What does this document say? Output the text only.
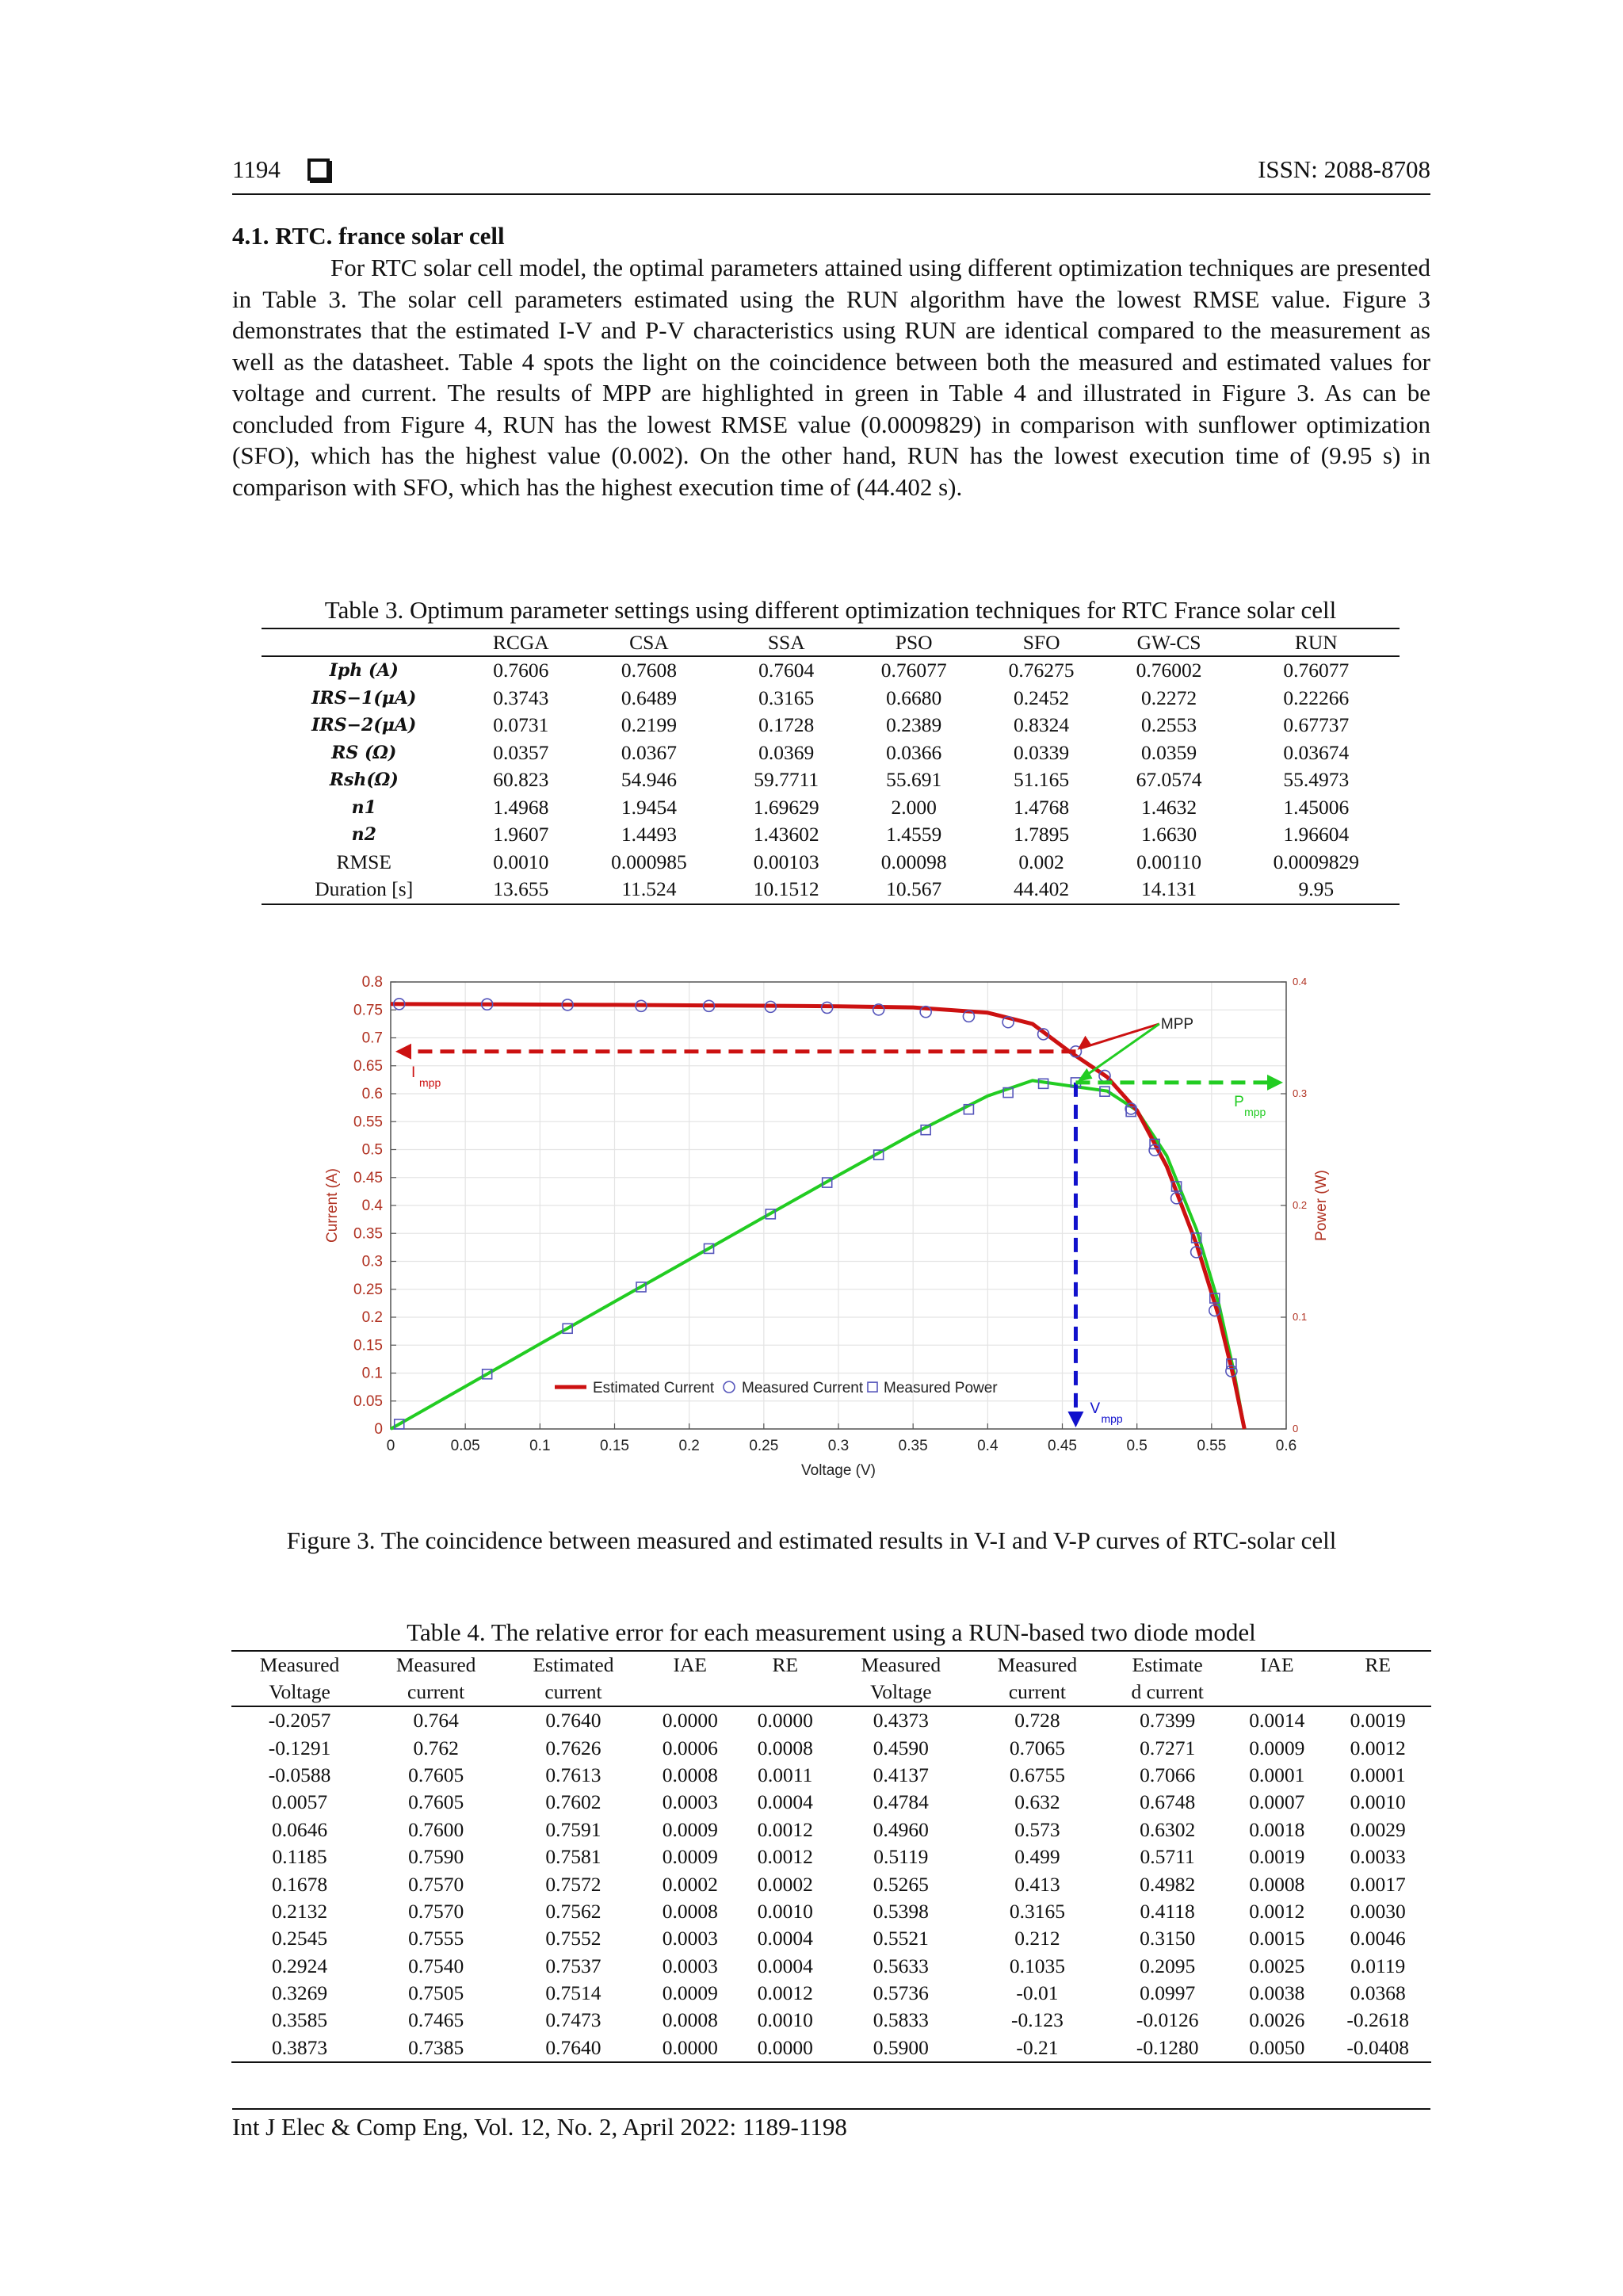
1194	ISSN: 2088-8708
4.1. RTC. france solar cell
For RTC solar cell model, the optimal parameters attained using different optimization techniques are presented in Table 3. The solar cell parameters estimated using the RUN algorithm have the lowest RMSE value. Figure 3 demonstrates that the estimated I-V and P-V characteristics using RUN are identical compared to the measurement as well as the datasheet. Table 4 spots the light on the coincidence between both the measured and estimated values for voltage and current. The results of MPP are highlighted in green in Table 4 and illustrated in Figure 3. As can be concluded from Figure 4, RUN has the lowest RMSE value (0.0009829) in comparison with sunflower optimization (SFO), which has the highest value (0.002). On the other hand, RUN has the lowest execution time of (9.95 s) in comparison with SFO, which has the highest execution time of (44.402 s).
Table 3. Optimum parameter settings using different optimization techniques for RTC France solar cell
	RCGA	CSA	SSA	PSO	SFO	GW-CS	RUN
Iph (A)	0.7606	0.7608	0.7604	0.76077	0.76275	0.76002	0.76077
IRS−1(μA)	0.3743	0.6489	0.3165	0.6680	0.2452	0.2272	0.22266
IRS−2(μA)	0.0731	0.2199	0.1728	0.2389	0.8324	0.2553	0.67737
RS (Ω)	0.0357	0.0367	0.0369	0.0366	0.0339	0.0359	0.03674
Rsh(Ω)	60.823	54.946	59.7711	55.691	51.165	67.0574	55.4973
n1	1.4968	1.9454	1.69629	2.000	1.4768	1.4632	1.45006
n2	1.9607	1.4493	1.43602	1.4559	1.7895	1.6630	1.96604
RMSE	0.0010	0.000985	0.00103	0.00098	0.002	0.00110	0.0009829
Duration [s]	13.655	11.524	10.1512	10.567	44.402	14.131	9.95
0	0.05	0.1	0.15	0.2	0.25	0.3	0.35	0.4	0.45	0.5	0.55	0.6
0
0.05
0.1
0.15
0.2
0.25
0.3
0.35
0.4
0.45
0.5
0.55
0.6
0.65
0.7
0.75
0.8
0
0.1
0.2
0.3
0.4
MPP
I
mpp
V
mpp
P
mpp
Voltage (V)
Current (A)	Power (W)
Estimated Current Measured Current Measured Power
Figure 3. The coincidence between measured and estimated results in V-I and V-P curves of RTC-solar cell
Table 4. The relative error for each measurement using a RUN-based two diode model
Measured	Measured	Estimated	IAE	RE	Measured	Measured	Estimate	IAE	RE
Voltage	current	current			Voltage	current	d current		
-0.2057	0.764	0.7640	0.0000	0.0000	0.4373	0.728	0.7399	0.0014	0.0019
-0.1291	0.762	0.7626	0.0006	0.0008	0.4590	0.7065	0.7271	0.0009	0.0012
-0.0588	0.7605	0.7613	0.0008	0.0011	0.4137	0.6755	0.7066	0.0001	0.0001
0.0057	0.7605	0.7602	0.0003	0.0004	0.4784	0.632	0.6748	0.0007	0.0010
0.0646	0.7600	0.7591	0.0009	0.0012	0.4960	0.573	0.6302	0.0018	0.0029
0.1185	0.7590	0.7581	0.0009	0.0012	0.5119	0.499	0.5711	0.0019	0.0033
0.1678	0.7570	0.7572	0.0002	0.0002	0.5265	0.413	0.4982	0.0008	0.0017
0.2132	0.7570	0.7562	0.0008	0.0010	0.5398	0.3165	0.4118	0.0012	0.0030
0.2545	0.7555	0.7552	0.0003	0.0004	0.5521	0.212	0.3150	0.0015	0.0046
0.2924	0.7540	0.7537	0.0003	0.0004	0.5633	0.1035	0.2095	0.0025	0.0119
0.3269	0.7505	0.7514	0.0009	0.0012	0.5736	-0.01	0.0997	0.0038	0.0368
0.3585	0.7465	0.7473	0.0008	0.0010	0.5833	-0.123	-0.0126	0.0026	-0.2618
0.3873	0.7385	0.7640	0.0000	0.0000	0.5900	-0.21	-0.1280	0.0050	-0.0408
Int J Elec & Comp Eng, Vol. 12, No. 2, April 2022: 1189-1198
